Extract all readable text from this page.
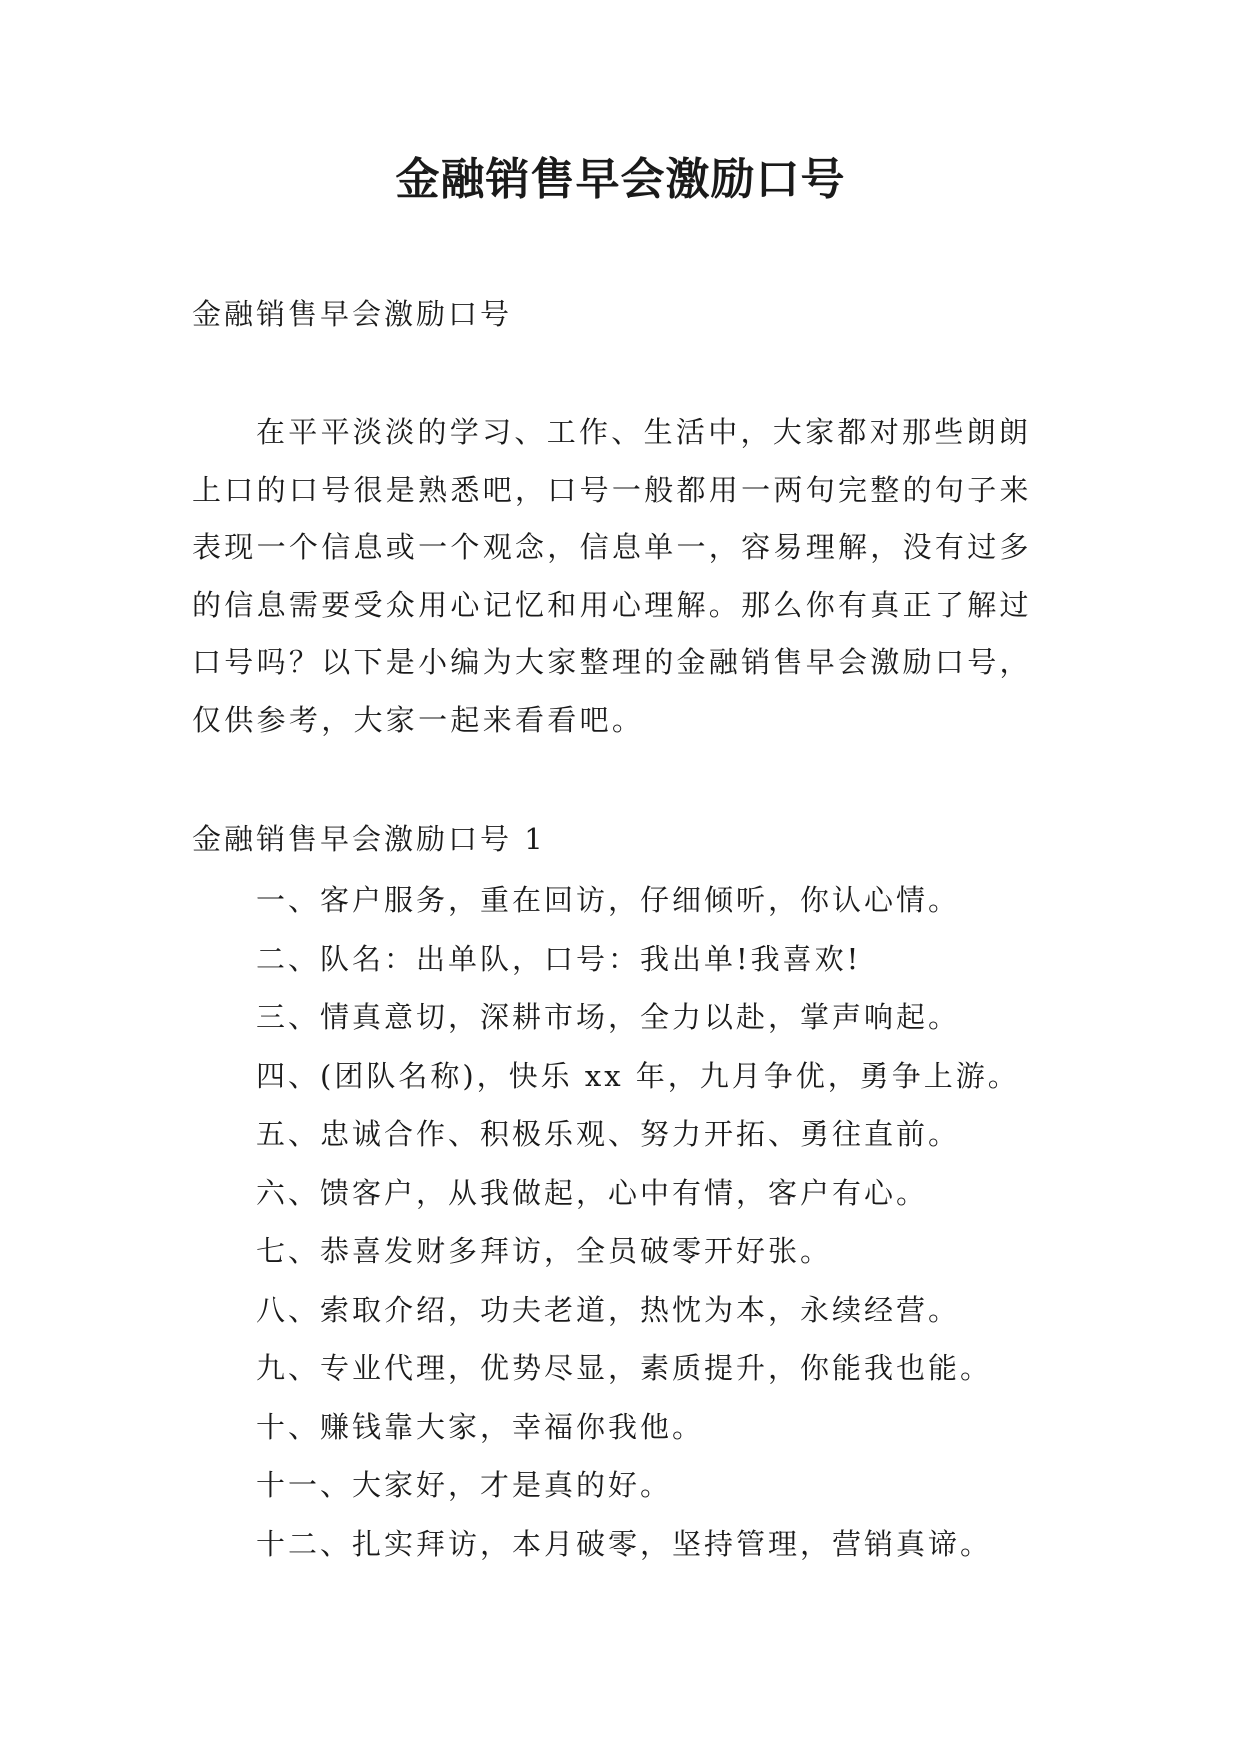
金融销售早会激励口号
金融销售早会激励口号
在平平淡淡的学习、工作、生活中，大家都对那些朗朗
上口的口号很是熟悉吧，口号一般都用一两句完整的句子来
表现一个信息或一个观念，信息单一，容易理解，没有过多
的信息需要受众用心记忆和用心理解。那么你有真正了解过
口号吗？以下是小编为大家整理的金融销售早会激励口号，
仅供参考，大家一起来看看吧。
金融销售早会激励口号 1
一、客户服务，重在回访，仔细倾听，你认心情。
二、队名：出单队，口号：我出单!我喜欢!
三、情真意切，深耕市场，全力以赴，掌声响起。
四、(团队名称)，快乐 xx 年，九月争优，勇争上游。
五、忠诚合作、积极乐观、努力开拓、勇往直前。
六、馈客户，从我做起，心中有情，客户有心。
七、恭喜发财多拜访，全员破零开好张。
八、索取介绍，功夫老道，热忱为本，永续经营。
九、专业代理，优势尽显，素质提升，你能我也能。
十、赚钱靠大家，幸福你我他。
十一、大家好，才是真的好。
十二、扎实拜访，本月破零，坚持管理，营销真谛。
